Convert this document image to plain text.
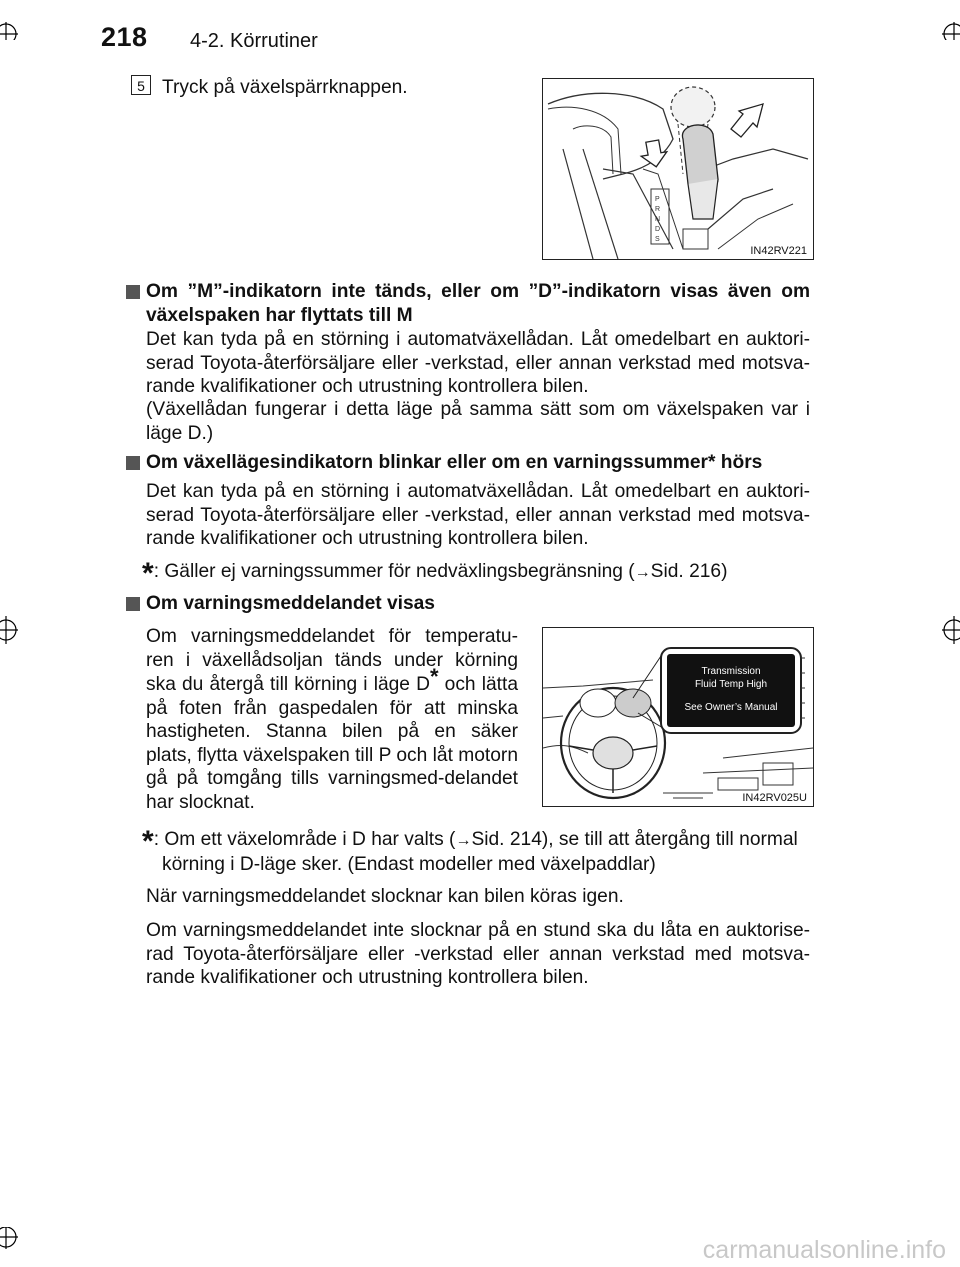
218 4-2. Körrutiner
5 Tryck på växelspärrknappen.
P
R
N
D
S
IN42RV221
Om ”M”-indikatorn inte tänds, eller om ”D”-indikatorn visas även om växelspaken har flyttats till M
Det kan tyda på en störning i automatväxellådan. Låt omedelbart en auktori-serad Toyota-återförsäljare eller -verkstad, eller annan verkstad med motsva-rande kvalifikationer och utrustning kontrollera bilen.
(Växellådan fungerar i detta läge på samma sätt som om växelspaken var i läge D.)
Om växellägesindikatorn blinkar eller om en varningssummer* hörs
Det kan tyda på en störning i automatväxellådan. Låt omedelbart en auktori-serad Toyota-återförsäljare eller -verkstad, eller annan verkstad med motsva-rande kvalifikationer och utrustning kontrollera bilen.
*: Gäller ej varningssummer för nedväxlingsbegränsning (→Sid. 216)
Om varningsmeddelandet visas
Om varningsmeddelandet för temperatu-ren i växellådsoljan tänds under körning ska du återgå till körning i läge D* och lätta på foten från gaspedalen för att minska hastigheten. Stanna bilen på en säker plats, flytta växelspaken till P och låt motorn gå på tomgång tills varningsmed-delandet har slocknat.
Transmission
Fluid Temp High
See Owner’s Manual
IN42RV025U
*: Om ett växelområde i D har valts (→Sid. 214), se till att återgång till normal
körning i D-läge sker. (Endast modeller med växelpaddlar)
När varningsmeddelandet slocknar kan bilen köras igen.
Om varningsmeddelandet inte slocknar på en stund ska du låta en auktorise-rad Toyota-återförsäljare eller -verkstad eller annan verkstad med motsva-rande kvalifikationer och utrustning kontrollera bilen.
carmanualsonline.info
